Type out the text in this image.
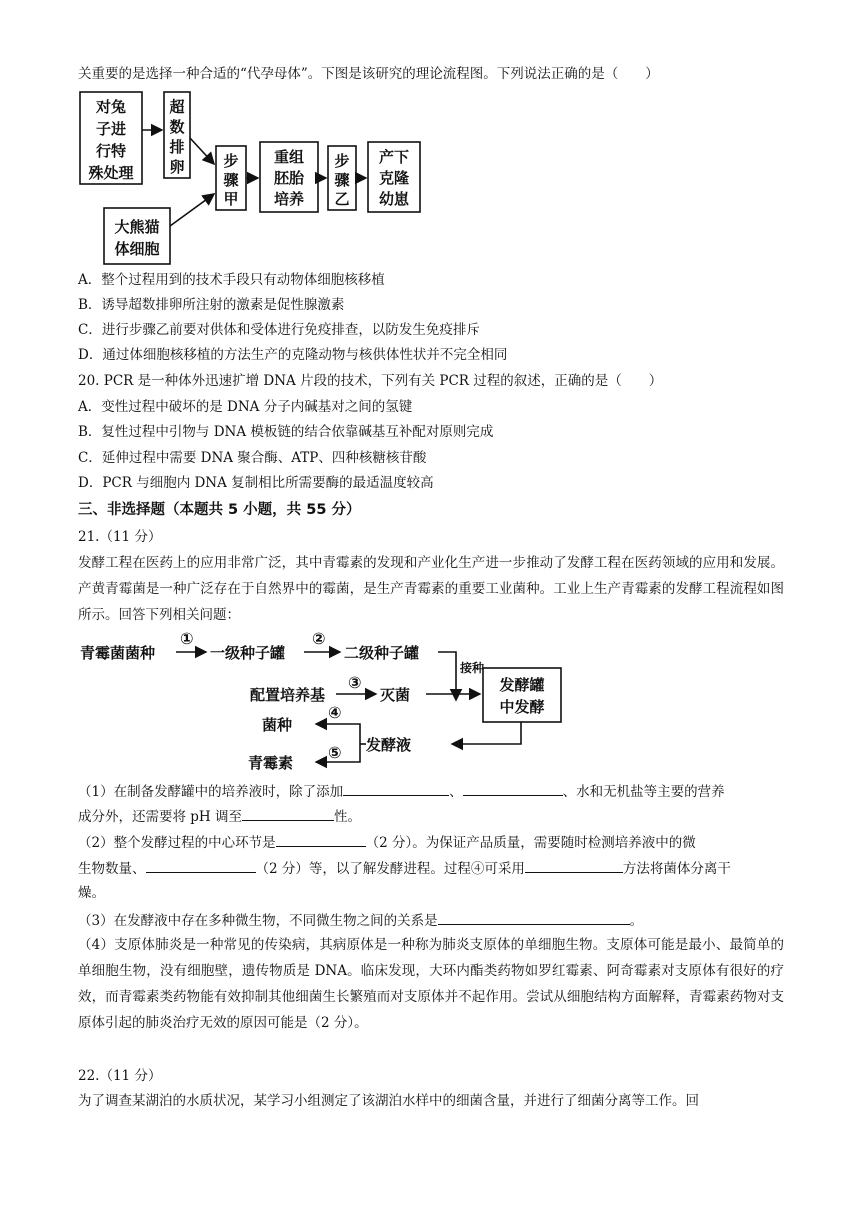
关重要的是选择一种合适的“代孕母体”。下图是该研究的理论流程图。下列说法正确的是（　　）
对兔
子进
行特
殊处理
超
数
排
卵
大熊猫
体细胞
步
骤
甲
重组
胚胎
培养
步
骤
乙
产下
克隆
幼崽
A．整个过程用到的技术手段只有动物体细胞核移植
B．诱导超数排卵所注射的激素是促性腺激素
C．进行步骤乙前要对供体和受体进行免疫排查，以防发生免疫排斥
D．通过体细胞核移植的方法生产的克隆动物与核供体性状并不完全相同
20. PCR 是一种体外迅速扩增 DNA 片段的技术，下列有关 PCR 过程的叙述，正确的是（　　）
A．变性过程中破坏的是 DNA 分子内碱基对之间的氢键
B．复性过程中引物与 DNA 模板链的结合依靠碱基互补配对原则完成
C．延伸过程中需要 DNA 聚合酶、ATP、四种核糖核苷酸
D．PCR 与细胞内 DNA 复制相比所需要酶的最适温度较高
三、非选择题（本题共 5 小题，共 55 分）
21.（11 分）
发酵工程在医药上的应用非常广泛，其中青霉素的发现和产业化生产进一步推动了发酵工程在医药领域的应用和发展。产黄青霉菌是一种广泛存在于自然界中的霉菌，是生产青霉素的重要工业菌种。工业上生产青霉素的发酵工程流程如图所示。回答下列相关问题：
青霉菌菌种
①
一级种子罐
②
二级种子罐
接种
配置培养基
③
灭菌
发酵罐
中发酵
发酵液
④
菌种
⑤
青霉素
（1）在制备发酵罐中的培养液时，除了添加	、	、水和无机盐等主要的营养
成分外，还需要将 pH 调至	性。
（2）整个发酵过程的中心环节是	（2 分）。为保证产品质量，需要随时检测培养液中的微
生物数量、	（2 分）等，以了解发酵进程。过程④可采用	方法将菌体分离干
燥。
（3）在发酵液中存在多种微生物，不同微生物之间的关系是	。
（4）支原体肺炎是一种常见的传染病，其病原体是一种称为肺炎支原体的单细胞生物。支原体可能是最小、最简单的单细胞生物，没有细胞壁，遗传物质是 DNA。临床发现，大环内酯类药物如罗红霉素、阿奇霉素对支原体有很好的疗效，而青霉素类药物能有效抑制其他细菌生长繁殖而对支原体并不起作用。尝试从细胞结构方面解释，青霉素药物对支原体引起的肺炎治疗无效的原因可能是（2 分）。
22.（11 分）
为了调查某湖泊的水质状况，某学习小组测定了该湖泊水样中的细菌含量，并进行了细菌分离等工作。回
